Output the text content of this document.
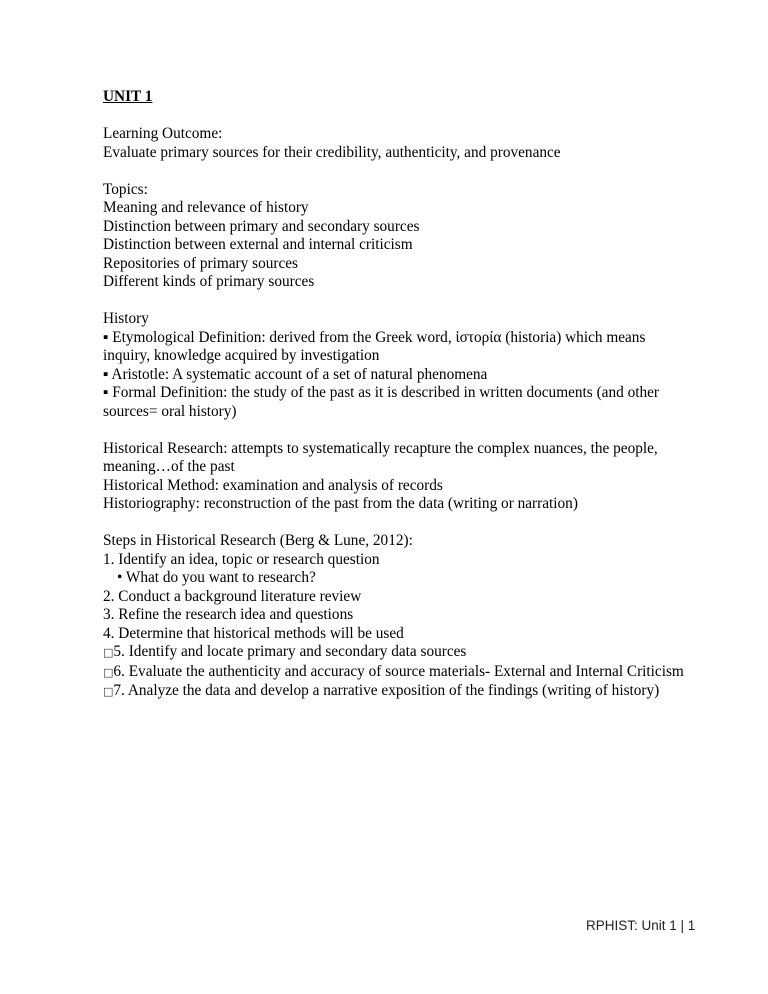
UNIT 1
Learning Outcome:
Evaluate primary sources for their credibility, authenticity, and provenance
Topics:
Meaning and relevance of history
Distinction between primary and secondary sources
Distinction between external and internal criticism
Repositories of primary sources
Different kinds of primary sources
History
▪ Etymological Definition: derived from the Greek word, ἱστορία (historia) which means
inquiry, knowledge acquired by investigation
▪ Aristotle: A systematic account of a set of natural phenomena
▪ Formal Definition: the study of the past as it is described in written documents (and other
sources= oral history)
Historical Research: attempts to systematically recapture the complex nuances, the people,
meaning…of the past
Historical Method: examination and analysis of records
Historiography: reconstruction of the past from the data (writing or narration)
Steps in Historical Research (Berg & Lune, 2012):
1. Identify an idea, topic or research question
• What do you want to research?
2. Conduct a background literature review
3. Refine the research idea and questions
4. Determine that historical methods will be used
□5. Identify and locate primary and secondary data sources
□6. Evaluate the authenticity and accuracy of source materials- External and Internal Criticism
□7. Analyze the data and develop a narrative exposition of the findings (writing of history)
RPHIST: Unit 1 | 1
